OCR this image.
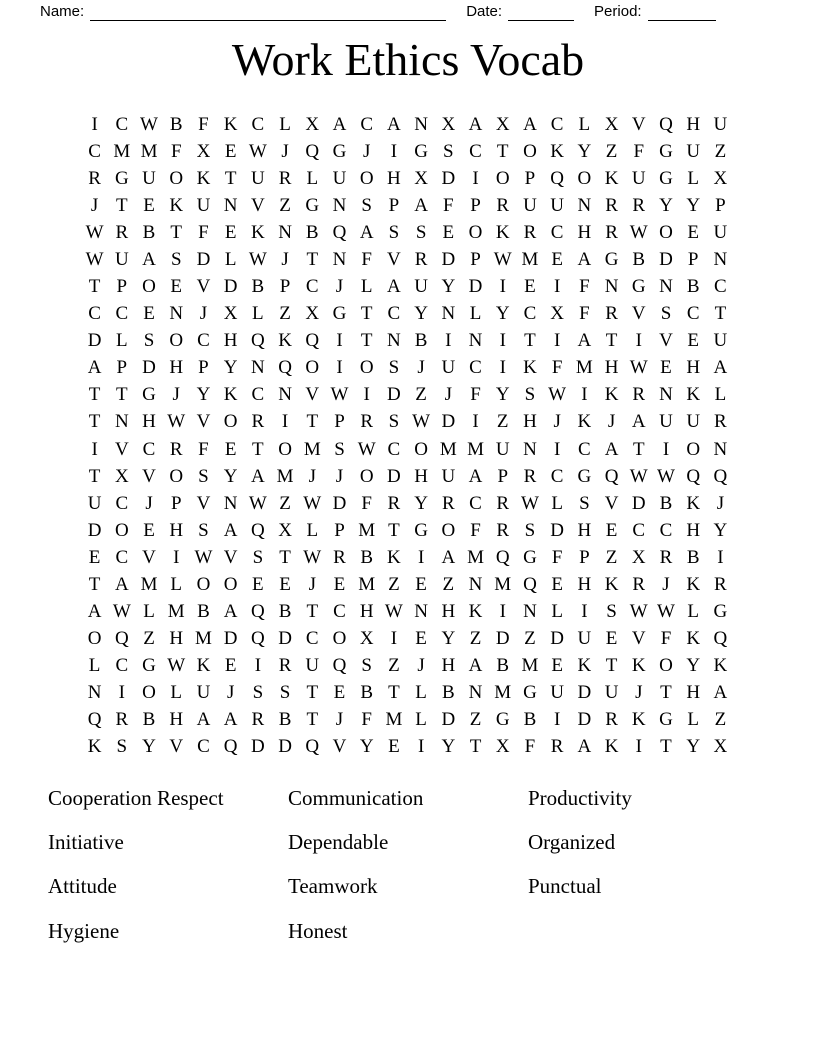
Name:	Date:	Period:
Work Ethics Vocab
I C W B F K C L X A C A N X A X A C L X V Q H U
C M M F X E W J Q G J	I G S C T O K Y Z F G U Z
R G U O K T U R L U O H X D I O P Q O K U G L X
J T E K U N V Z G N S P A F P R U U N R R Y Y P
W R B T F E K N B Q A S S E O K R C H R W O E U
W U A S D L W J T N F V R D P W M E A G B D P N
T P O E V D B P C J L A U Y D I E I F N G N B C
C C E N J X L Z X G T C Y N L Y C X F R V S C T
D L S O C H Q K Q I T N B I N I T I A T I V E U
A P D H P Y N Q O I O S J U C I K F M H W E H A
T T G J Y K C N V W I D Z J F Y S W I K R N K L
T N H W V O R I T P R S W D I Z H J K J A U U R
I V C R F E T O M S W C O M M U N I C A T I O N
T X V O S Y A M J	J O D H U A P R C G Q W W Q Q
U C J P V N W Z W D F R Y R C R W L S V D B K J
D O E H S A Q X L P M T G O F R S D H E C C H Y
E C V I W V S T W R B K I A M Q G F P Z X R B I
T A M L O O E E J E M Z E Z N M Q E H K R J K R
A W L M B A Q B T C H W N H K I N L I S W W L G
O Q Z H M D Q D C O X I E Y Z D Z D U E V F K Q
L C G W K E I R U Q S Z J H A B M E K T K O Y K
N I O L U J S S T E B T L B N M G U D U J T H A
Q R B H A A R B T J F M L D Z G B I D R K G L Z
K S Y V C Q D D Q V Y E I Y T X F R A K I T Y X
Cooperation Respect
Initiative
Attitude
Hygiene
Communication
Dependable
Teamwork
Honest
Productivity
Organized
Punctual
